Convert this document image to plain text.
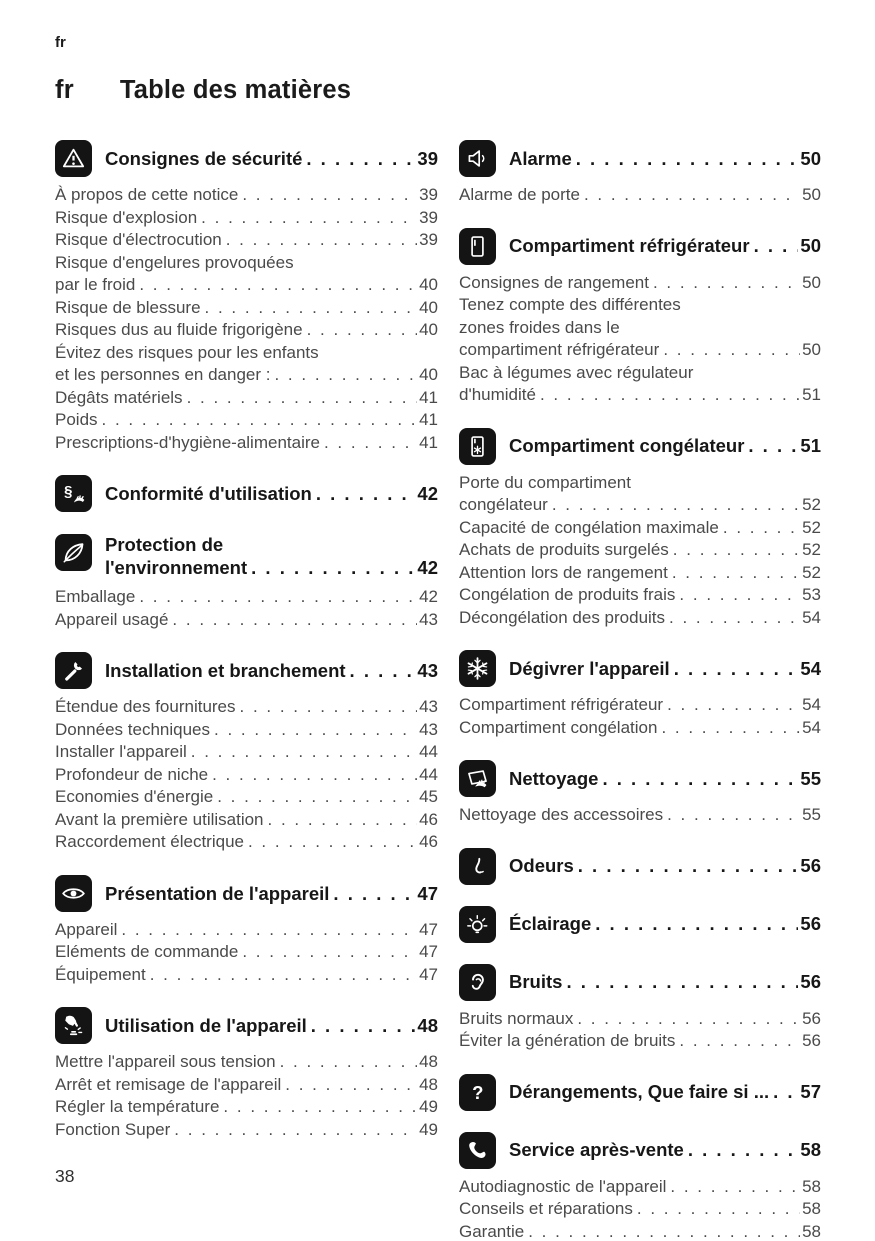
fr
fr Table des matières
Consignes de sécurité . . .	39
À propos de cette notice . . .	39
Risque d'explosion . . .	39
Risque d'électrocution . . .	39
Risque d'engelures provoquées
par le froid . . .	40
Risque de blessure . . .	40
Risques dus au fluide frigorigène . . .	40
Évitez des risques pour les enfants
et les personnes en danger : . . .	40
Dégâts matériels . . .	41
Poids . . .	41
Prescriptions-d'hygiène-alimentaire . . .	41
§ Conformité d'utilisation . . .	42
Protection de
l'environnement . . .	42
Emballage . . .	42
Appareil usagé . . .	43
Installation et branchement . . .	43
Étendue des fournitures . . .	43
Données techniques . . .	43
Installer l'appareil . . .	44
Profondeur de niche . . .	44
Economies d'énergie . . .	45
Avant la première utilisation . . .	46
Raccordement électrique . . .	46
Présentation de l'appareil . . .	47
Appareil . . .	47
Eléments de commande . . .	47
Équipement . . .	47
Utilisation de l'appareil . . .	48
Mettre l'appareil sous tension . . .	48
Arrêt et remisage de l'appareil . . .	48
Régler la température . . .	49
Fonction Super . . .	49
Alarme . . .	50
Alarme de porte . . .	50
Compartiment réfrigérateur . . .	50
Consignes de rangement . . .	50
Tenez compte des différentes
zones froides dans le
compartiment réfrigérateur . . .	50
Bac à légumes avec régulateur
d'humidité . . .	51
Compartiment congélateur . . .	51
Porte du compartiment
congélateur . . .	52
Capacité de congélation maximale . . .	52
Achats de produits surgelés . . .	52
Attention lors de rangement . . .	52
Congélation de produits frais . . .	53
Décongélation des produits . . .	54
Dégivrer l'appareil . . .	54
Compartiment réfrigérateur . . .	54
Compartiment congélation . . .	54
Nettoyage . . .	55
Nettoyage des accessoires . . .	55
Odeurs . . .	56
Éclairage . . .	56
Bruits . . .	56
Bruits normaux . . .	56
Éviter la génération de bruits . . .	56
? Dérangements, Que faire si ... . . . 57
Service après-vente . . .	58
Autodiagnostic de l'appareil . . .	58
Conseils et réparations . . .	58
Garantie . . .	58
38
